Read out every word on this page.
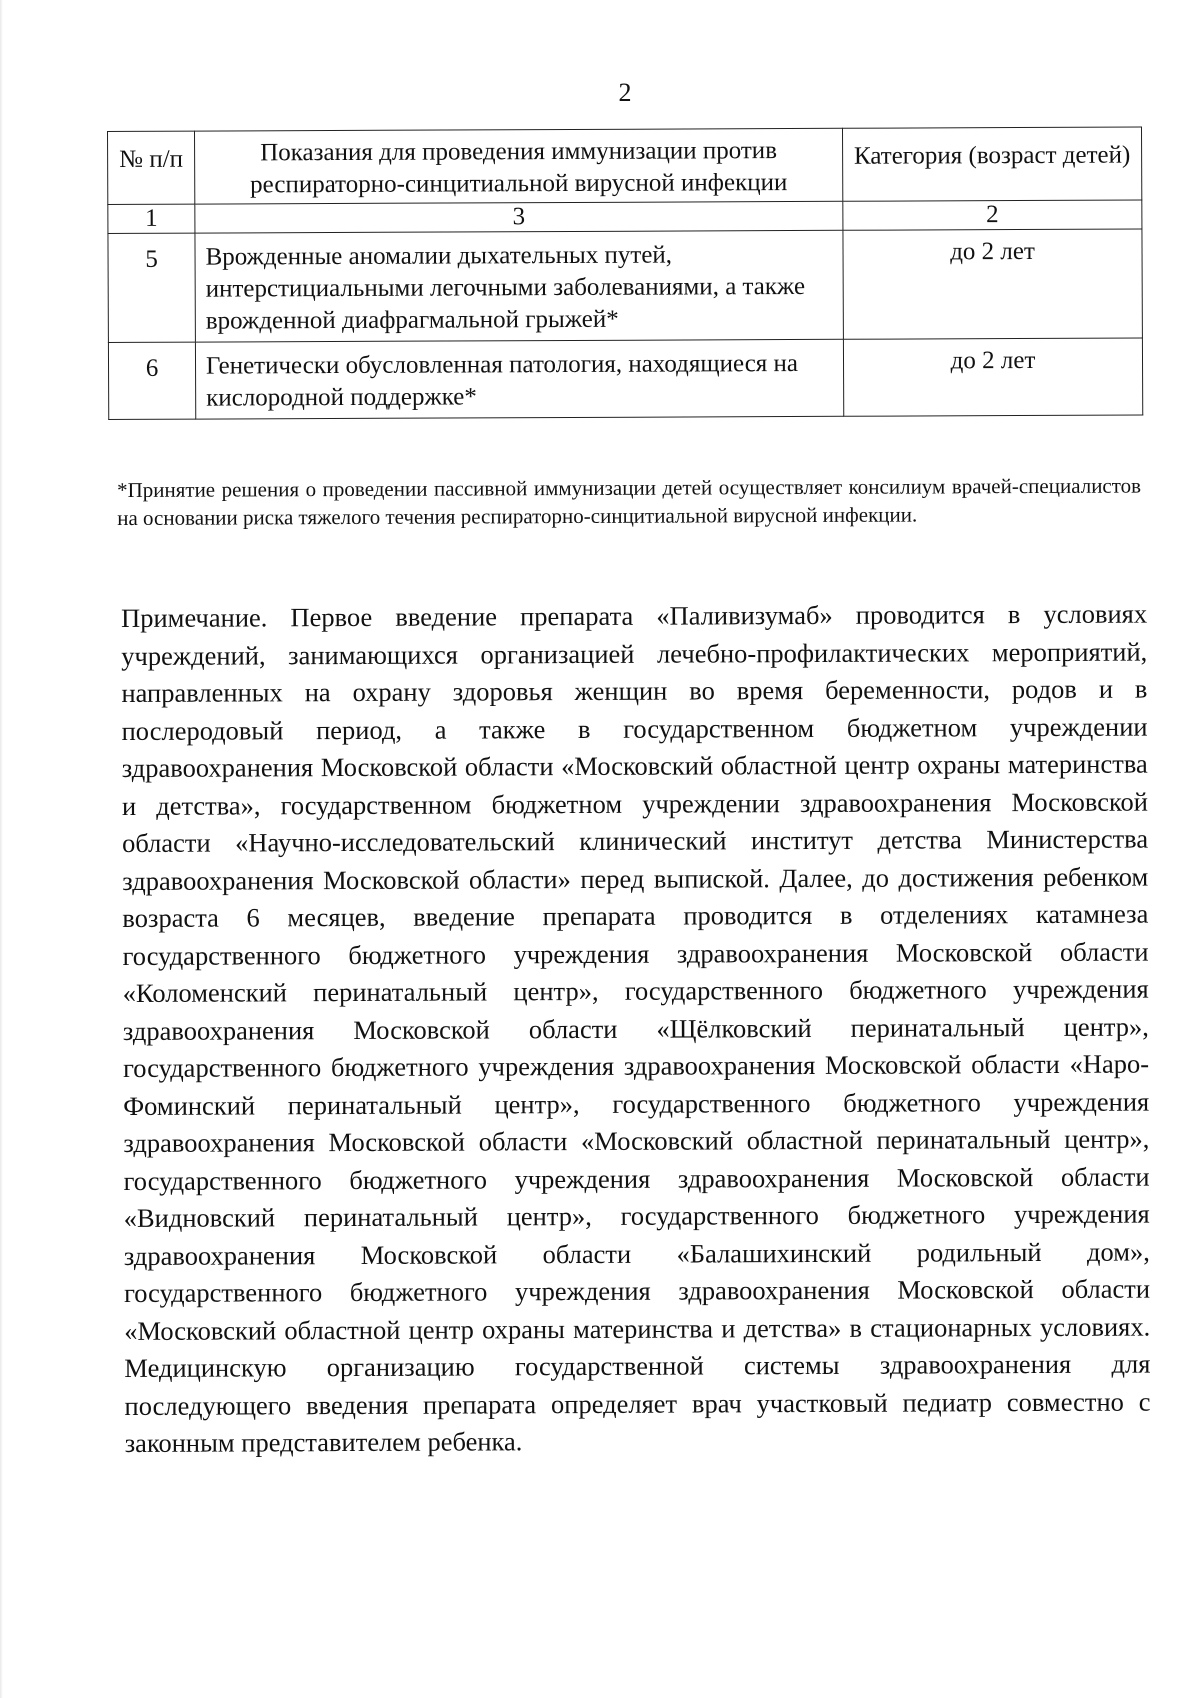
2
№ п/п	Показания для проведения иммунизации против респираторно-синцитиальной вирусной инфекции	Категория (возраст детей)
1	3	2
5	Врожденные аномалии дыхательных путей, интерстициальными легочными заболеваниями, а также врожденной диафрагмальной грыжей*	до 2 лет
6	Генетически обусловленная патология, находящиеся на кислородной поддержке*	до 2 лет

*Принятие решения о проведении пассивной иммунизации детей осуществляет консилиум врачей-специалистов на основании риска тяжелого течения респираторно-синцитиальной вирусной инфекции.

Примечание. Первое введение препарата «Паливизумаб» проводится в условиях учреждений, занимающихся организацией лечебно-профилактических мероприятий, направленных на охрану здоровья женщин во время беременности, родов и в послеродовый период, а также в государственном бюджетном учреждении здравоохранения Московской области «Московский областной центр охраны материнства и детства», государственном бюджетном учреждении здравоохранения Московской области «Научно-исследовательский клинический институт детства Министерства здравоохранения Московской области» перед выпиской. Далее, до достижения ребенком возраста 6 месяцев, введение препарата проводится в отделениях катамнеза государственного бюджетного учреждения здравоохранения Московской области «Коломенский перинатальный центр», государственного бюджетного учреждения здравоохранения Московской области «Щёлковский перинатальный центр», государственного бюджетного учреждения здравоохранения Московской области «Наро-Фоминский перинатальный центр», государственного бюджетного учреждения здравоохранения Московской области «Московский областной перинатальный центр», государственного бюджетного учреждения здравоохранения Московской области «Видновский перинатальный центр», государственного бюджетного учреждения здравоохранения Московской области «Балашихинский родильный дом», государственного бюджетного учреждения здравоохранения Московской области «Московский областной центр охраны материнства и детства» в стационарных условиях. Медицинскую организацию государственной системы здравоохранения для последующего введения препарата определяет врач участковый педиатр совместно с законным представителем ребенка.
